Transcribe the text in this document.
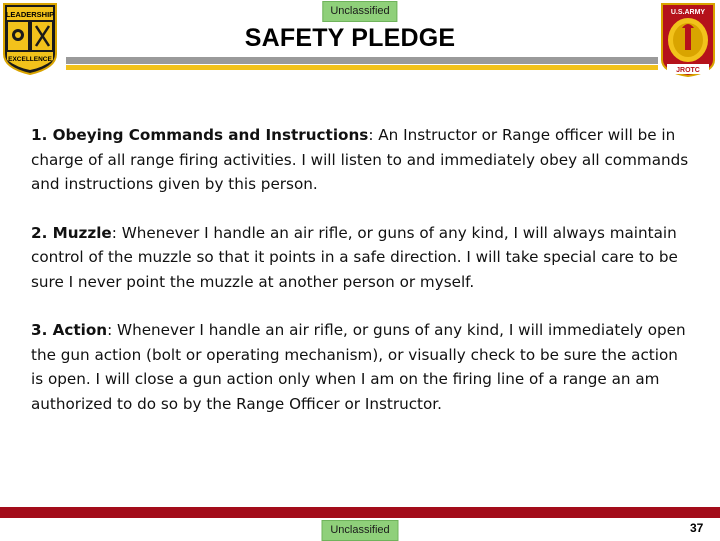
Unclassified
LEADERSHIP
EXCELLENCE
SAFETY PLEDGE
U.S.ARMY
JROTC

1. Obeying Commands and Instructions: An Instructor or Range officer will be in charge of all range firing activities. I will listen to and immediately obey all commands and instructions given by this person.

2. Muzzle: Whenever I handle an air rifle, or guns of any kind, I will always maintain control of the muzzle so that it points in a safe direction. I will take special care to be sure I never point the muzzle at another person or myself.

3. Action: Whenever I handle an air rifle, or guns of any kind, I will immediately open the gun action (bolt or operating mechanism), or visually check to be sure the action is open. I will close a gun action only when I am on the firing line of a range an am authorized to do so by the Range Officer or Instructor.

Unclassified	37
